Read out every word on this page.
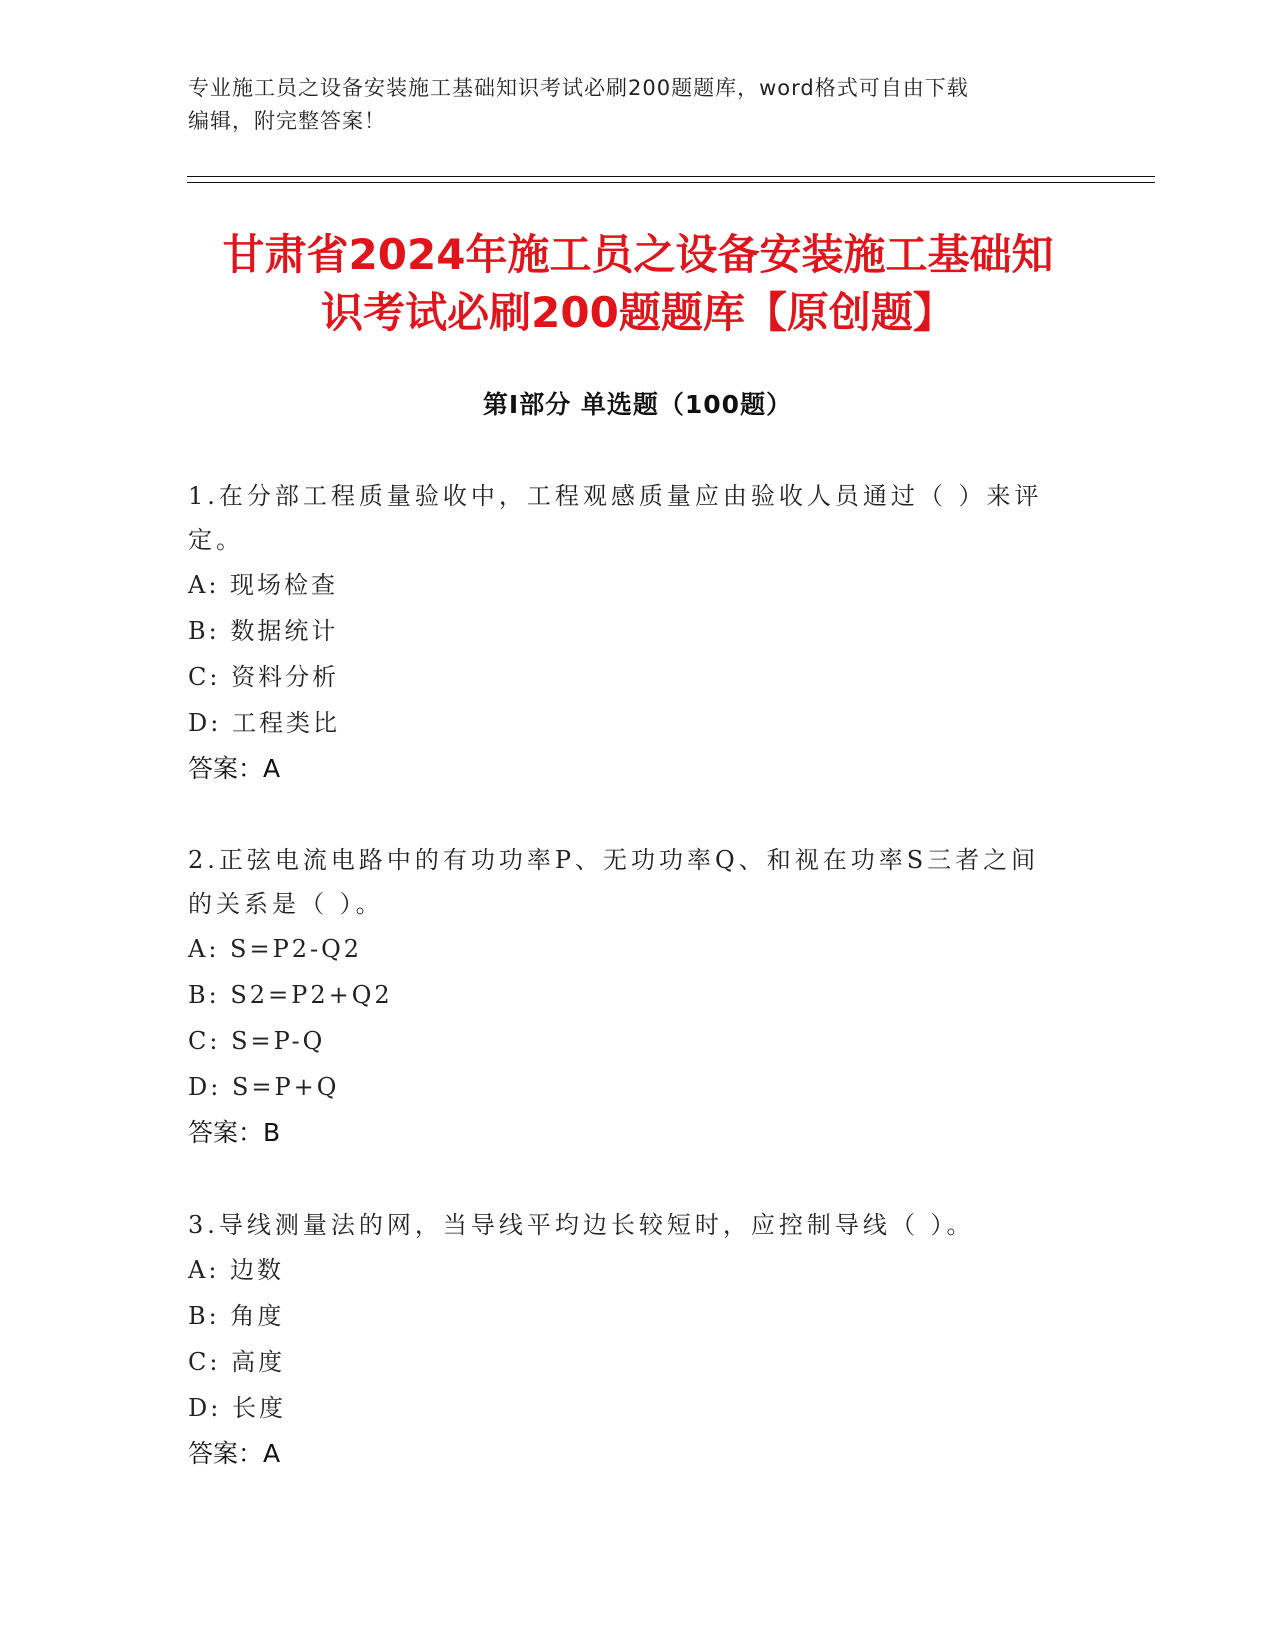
专业施工员之设备安装施工基础知识考试必刷200题题库，word格式可自由下载
编辑，附完整答案！
甘肃省2024年施工员之设备安装施工基础知
识考试必刷200题题库【原创题】
第Ⅰ部分 单选题（100题）
1.在分部工程质量验收中，工程观感质量应由验收人员通过（ ）来评
定。
A: 现场检查
B: 数据统计
C: 资料分析
D: 工程类比
答案：A
2.正弦电流电路中的有功功率P、无功功率Q、和视在功率S三者之间
的关系是（ ）。
A: S=P2-Q2
B: S2=P2+Q2
C: S=P-Q
D: S=P+Q
答案：B
3.导线测量法的网，当导线平均边长较短时，应控制导线（ ）。
A: 边数
B: 角度
C: 高度
D: 长度
答案：A
